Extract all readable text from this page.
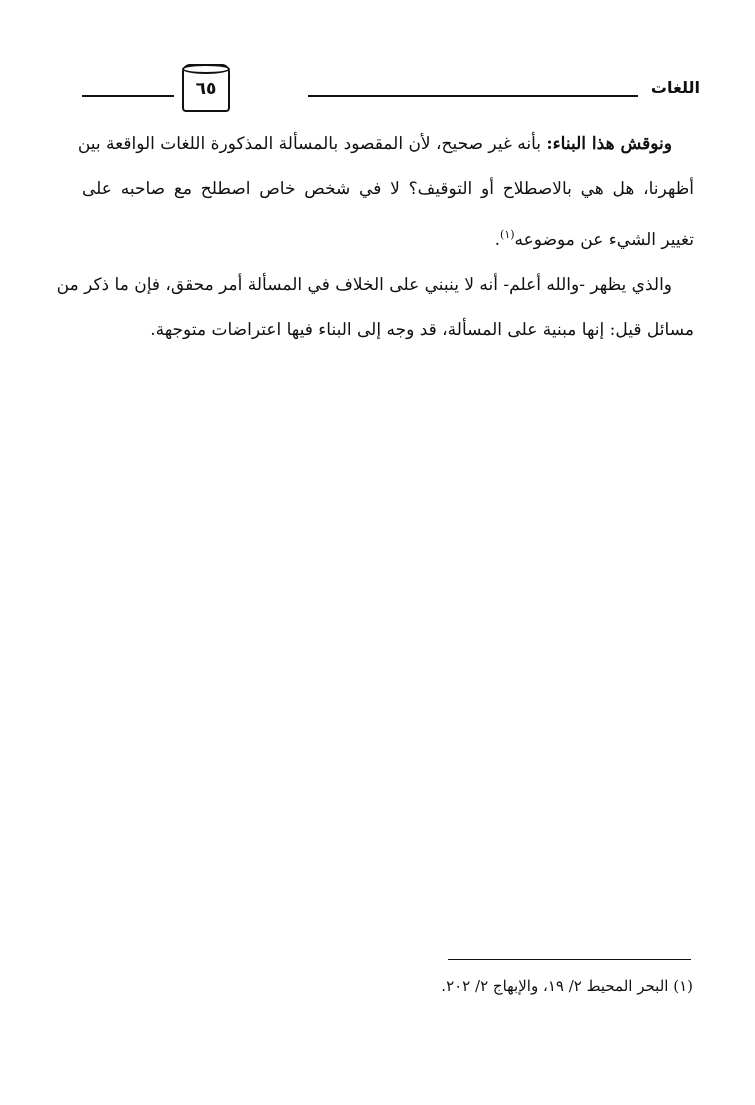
اللغات
٦٥

ونوقش هذا البناء: بأنه غير صحيح، لأن المقصود بالمسألة المذكورة اللغات الواقعة بين
أظهرنا، هل هي بالاصطلاح أو التوقيف؟ لا في شخص خاص اصطلح مع صاحبه على
تغيير الشيء عن موضوعه$^{(١)}$.

والذي يظهر -والله أعلم- أنه لا ينبني على الخلاف في المسألة أمر محقق، فإن ما ذكر من
مسائل قيل: إنها مبنية على المسألة، قد وجه إلى البناء فيها اعتراضات متوجهة.

(١) البحر المحيط ٢/ ١٩، والإبهاج ٢/ ٢٠٢.
